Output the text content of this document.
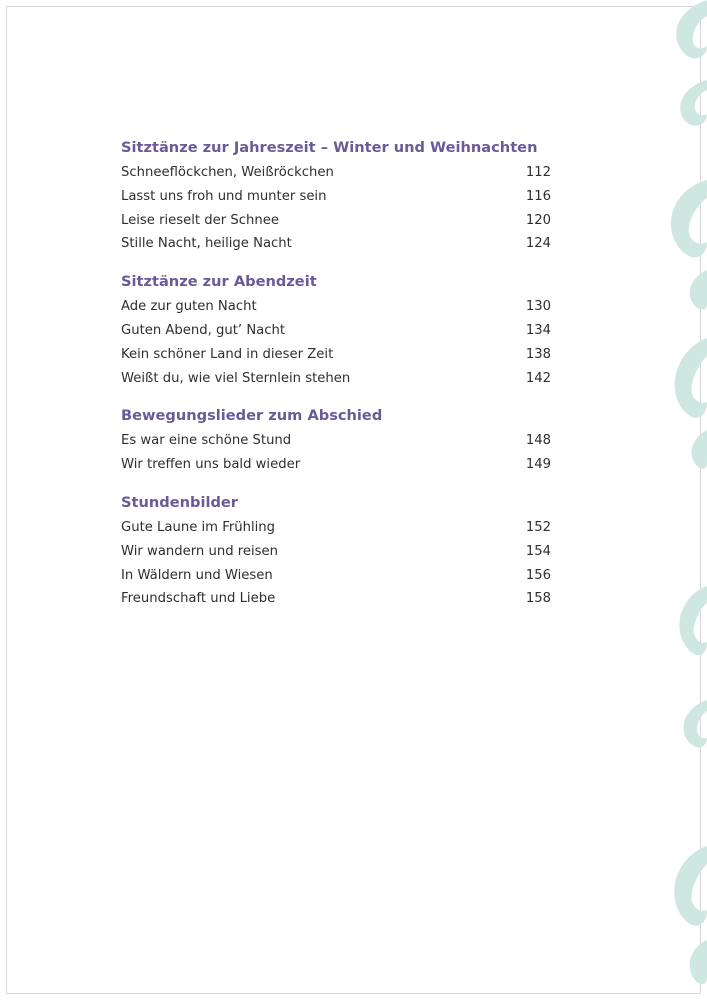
Sitztänze zur Jahreszeit – Winter und Weihnachten
Schneeflöckchen, Weißröckchen	112
Lasst uns froh und munter sein	116
Leise rieselt der Schnee	120
Stille Nacht, heilige Nacht	124
Sitztänze zur Abendzeit
Ade zur guten Nacht	130
Guten Abend, gut’ Nacht	134
Kein schöner Land in dieser Zeit	138
Weißt du, wie viel Sternlein stehen	142
Bewegungslieder zum Abschied
Es war eine schöne Stund	148
Wir treffen uns bald wieder	149
Stundenbilder
Gute Laune im Frühling	152
Wir wandern und reisen	154
In Wäldern und Wiesen	156
Freundschaft und Liebe	158
